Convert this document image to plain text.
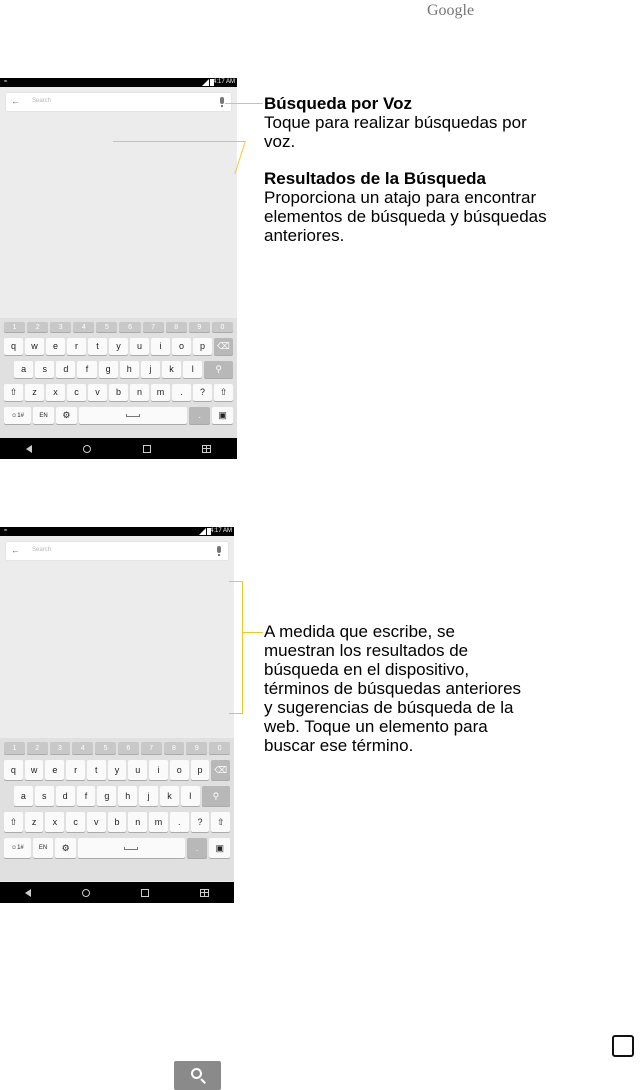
Google
≈	4:17 AM
← Search
1	2	3	4	5	6	7	8	9	0
q	w	e	r	t	y	u	i	o	p	⌫
a	s	d	f	g	h	j	k	l	⚲
⇧	z	x	c	v	b	n	m	.	?	⇧
☺1#	EN	⚙	.	▣
≈	4:17 AM
← Search
1	2	3	4	5	6	7	8	9	0
q	w	e	r	t	y	u	i	o	p	⌫
a	s	d	f	g	h	j	k	l	⚲
⇧	z	x	c	v	b	n	m	.	?	⇧
☺1#	EN	⚙	.	▣
Búsqueda por Voz
Toque para realizar búsquedas por voz.
Resultados de la Búsqueda
Proporciona un atajo para encontrar elementos de búsqueda y búsquedas anteriores.
A medida que escribe, se muestran los resultados de búsqueda en el dispositivo, términos de búsquedas anteriores y sugerencias de búsqueda de la web. Toque un elemento para buscar ese término.
